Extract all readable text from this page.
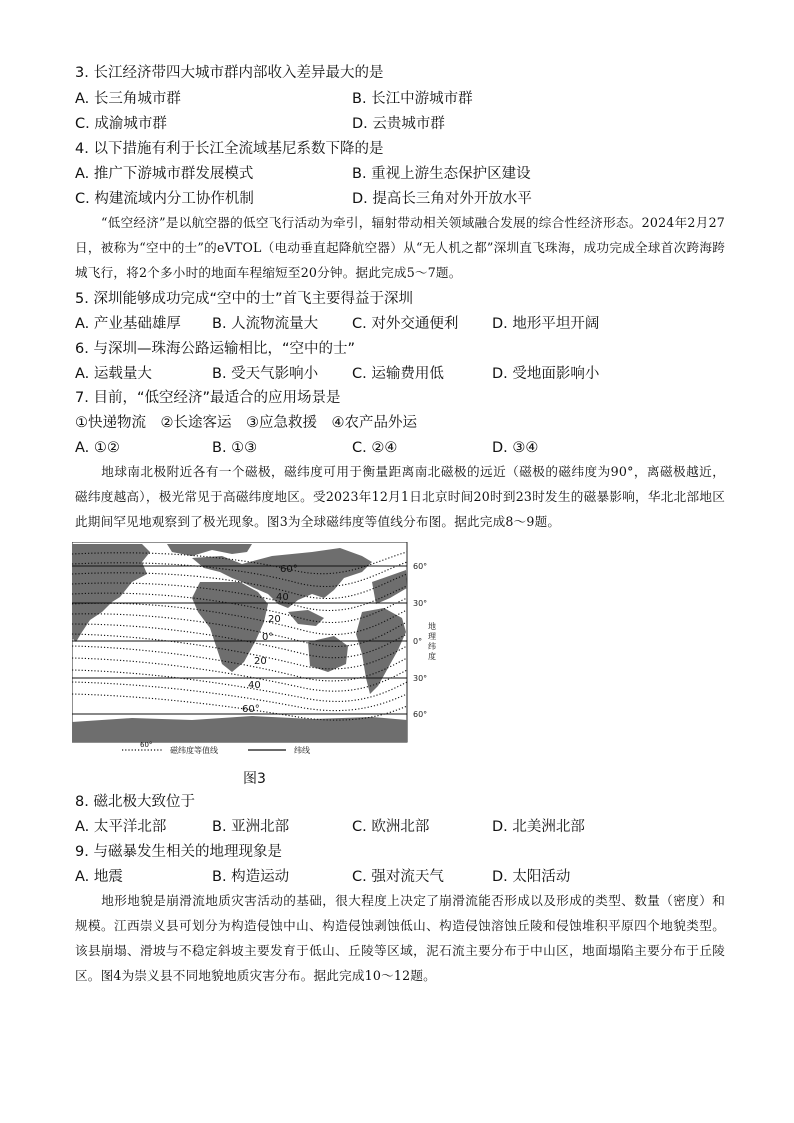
3. 长江经济带四大城市群内部收入差异最大的是
A. 长三角城市群	B. 长江中游城市群
C. 成渝城市群	D. 云贵城市群
4. 以下措施有利于长江全流域基尼系数下降的是
A. 推广下游城市群发展模式	B. 重视上游生态保护区建设
C. 构建流域内分工协作机制	D. 提高长三角对外开放水平
“低空经济”是以航空器的低空飞行活动为牵引，辐射带动相关领域融合发展的综合性经济形态。2024年2月27日，被称为“空中的士”的eVTOL（电动垂直起降航空器）从“无人机之都”深圳直飞珠海，成功完成全球首次跨海跨城飞行，将2个多小时的地面车程缩短至20分钟。据此完成5～7题。
5. 深圳能够成功完成“空中的士”首飞主要得益于深圳
A. 产业基础雄厚 B. 人流物流量大 C. 对外交通便利 D. 地形平坦开阔
6. 与深圳—珠海公路运输相比，“空中的士”
A. 运载量大	B. 受天气影响小 C. 运输费用低	D. 受地面影响小
7. 目前，“低空经济”最适合的应用场景是
①快递物流　②长途客运　③应急救援　④农产品外运
A. ①②	B. ①③	C. ②④	D. ③④
地球南北极附近各有一个磁极，磁纬度可用于衡量距离南北磁极的远近（磁极的磁纬度为90°，离磁极越近，磁纬度越高），极光常见于高磁纬度地区。受2023年12月1日北京时间20时到23时发生的磁暴影响，华北北部地区此期间罕见地观察到了极光现象。图3为全球磁纬度等值线分布图。据此完成8～9题。
60°
40
20
0°
20
40
60°
60°
磁纬度等值线	纬线
60°
30°
0°
30°
60°
地理纬度
图3
8. 磁北极大致位于
A. 太平洋北部	B. 亚洲北部	C. 欧洲北部	D. 北美洲北部
9. 与磁暴发生相关的地理现象是
A. 地震	B. 构造运动	C. 强对流天气	D. 太阳活动
地形地貌是崩滑流地质灾害活动的基础，很大程度上决定了崩滑流能否形成以及形成的类型、数量（密度）和规模。江西崇义县可划分为构造侵蚀中山、构造侵蚀剥蚀低山、构造侵蚀溶蚀丘陵和侵蚀堆积平原四个地貌类型。该县崩塌、滑坡与不稳定斜坡主要发育于低山、丘陵等区域，泥石流主要分布于中山区，地面塌陷主要分布于丘陵区。图4为崇义县不同地貌地质灾害分布。据此完成10～12题。
